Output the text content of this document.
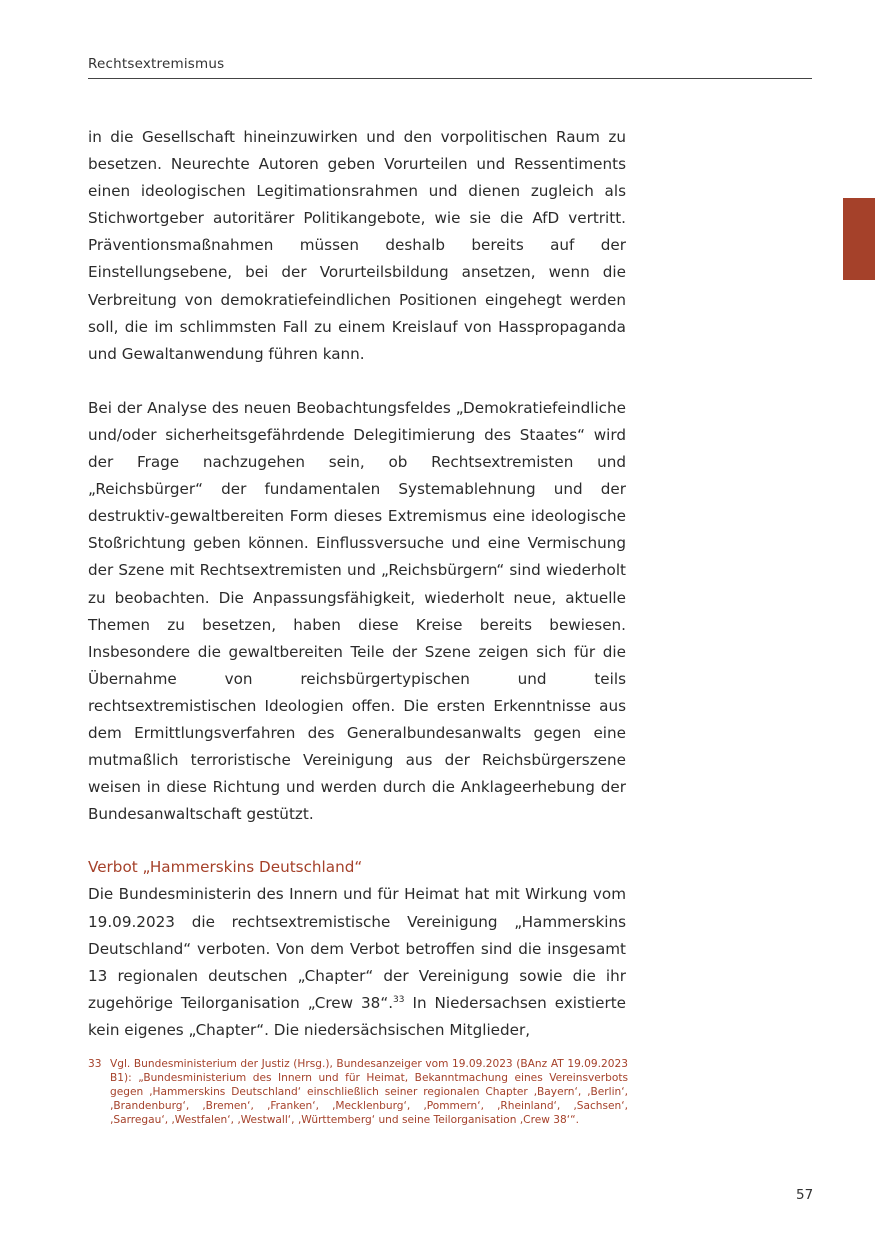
Rechtsextremismus

in die Gesellschaft hineinzuwirken und den vorpolitischen Raum zu besetzen. Neurechte Autoren geben Vorurteilen und Ressentiments einen ideologischen Legitimationsrahmen und dienen zugleich als Stichwortgeber autoritärer Politikangebote, wie sie die AfD vertritt. Präventionsmaßnahmen müssen deshalb bereits auf der Einstellungsebene, bei der Vorurteilsbildung ansetzen, wenn die Verbreitung von demokratiefeindlichen Positionen eingehegt werden soll, die im schlimmsten Fall zu einem Kreislauf von Hasspropaganda und Gewaltanwendung führen kann.

Bei der Analyse des neuen Beobachtungsfeldes „Demokratiefeindliche und/oder sicherheitsgefährdende Delegitimierung des Staates“ wird der Frage nachzugehen sein, ob Rechtsextremisten und „Reichsbürger“ der fundamentalen Systemablehnung und der destruktiv-gewaltbereiten Form dieses Extremismus eine ideologische Stoßrichtung geben können. Einflussversuche und eine Vermischung der Szene mit Rechtsextremisten und „Reichsbürgern“ sind wiederholt zu beobachten. Die Anpassungsfähigkeit, wiederholt neue, aktuelle Themen zu besetzen, haben diese Kreise bereits bewiesen. Insbesondere die gewaltbereiten Teile der Szene zeigen sich für die Übernahme von reichsbürgertypischen und teils rechtsextremistischen Ideologien offen. Die ersten Erkenntnisse aus dem Ermittlungsverfahren des Generalbundesanwalts gegen eine mutmaßlich terroristische Vereinigung aus der Reichsbürgerszene weisen in diese Richtung und werden durch die Anklageerhebung der Bundesanwaltschaft gestützt.

Verbot „Hammerskins Deutschland“

Die Bundesministerin des Innern und für Heimat hat mit Wirkung vom 19.09.2023 die rechtsextremistische Vereinigung „Hammerskins Deutschland“ verboten. Von dem Verbot betroffen sind die insgesamt 13 regionalen deutschen „Chapter“ der Vereinigung sowie die ihr zugehörige Teilorganisation „Crew 38“.$^{33}$ In Niedersachsen existierte kein eigenes „Chapter“. Die niedersächsischen Mitglieder,

33 Vgl. Bundesministerium der Justiz (Hrsg.), Bundesanzeiger vom 19.09.2023 (BAnz AT 19.09.2023 B1): „Bundesministerium des Innern und für Heimat, Bekanntmachung eines Vereinsverbots gegen ‚Hammerskins Deutschland‘ einschließlich seiner regionalen Chapter ‚Bayern‘, ‚Berlin‘, ‚Brandenburg‘, ‚Bremen‘, ‚Franken‘, ‚Mecklenburg‘, ‚Pommern‘, ‚Rheinland‘, ‚Sachsen‘, ‚Sarregau‘, ‚Westfalen‘, ‚Westwall‘, ‚Württemberg‘ und seine Teilorganisation ‚Crew 38‘“.
57
